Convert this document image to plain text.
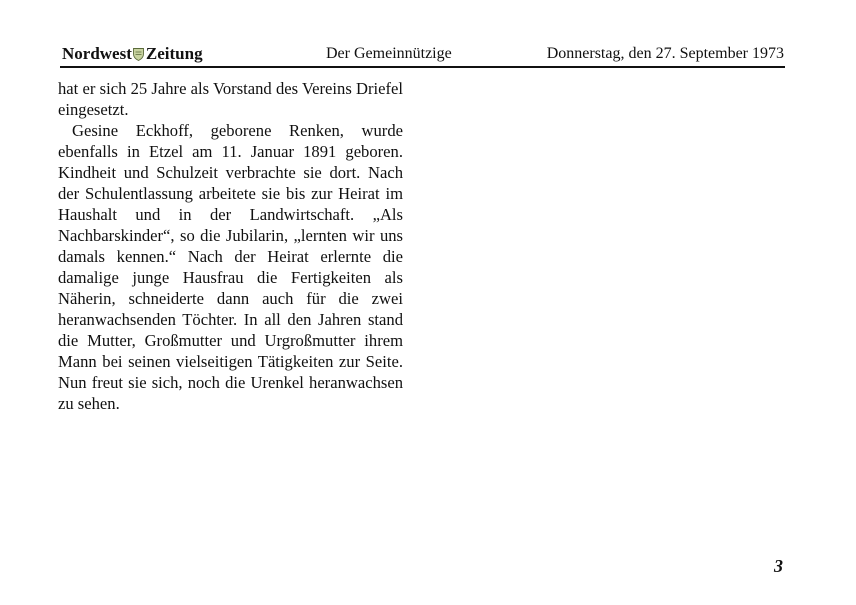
Nordwest Zeitung	Der Gemeinnützige	Donnerstag, den 27. September 1973

hat er sich 25 Jahre als Vorstand des Vereins Driefel eingesetzt.

Gesine Eckhoff, geborene Renken, wurde ebenfalls in Etzel am 11. Januar 1891 geboren. Kindheit und Schulzeit verbrachte sie dort. Nach der Schulentlassung arbeitete sie bis zur Heirat im Haushalt und in der Landwirtschaft. „Als Nachbarskinder“, so die Jubilarin, „lernten wir uns damals kennen.“ Nach der Heirat erlernte die damalige junge Hausfrau die Fertigkeiten als Näherin, schneiderte dann auch für die zwei heranwachsenden Töchter. In all den Jahren stand die Mutter, Großmutter und Urgroßmutter ihrem Mann bei seinen vielseitigen Tätigkeiten zur Seite. Nun freut sie sich, noch die Urenkel heranwachsen zu sehen.

3
